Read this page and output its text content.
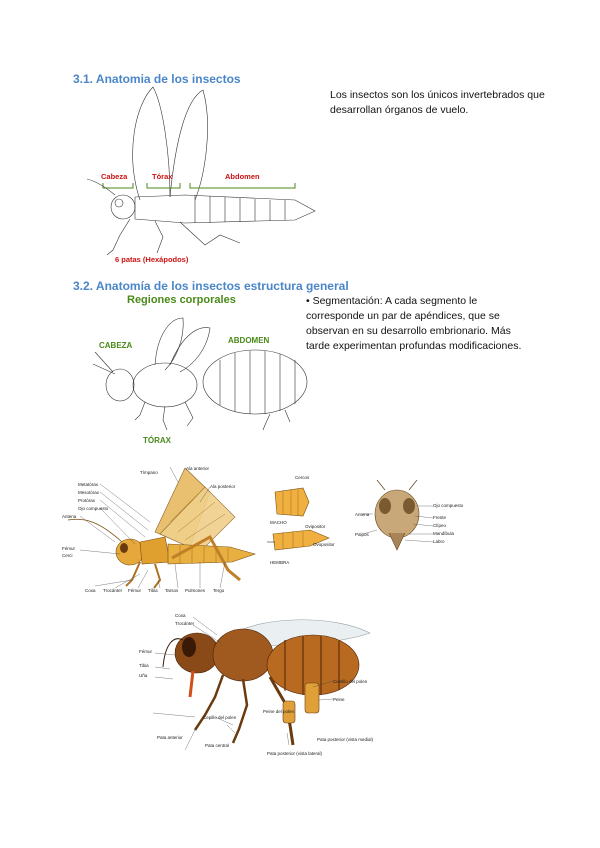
3.1. Anatomia de los insectos
Los insectos son los únicos invertebrados que desarrollan órganos de vuelo.
Cabeza	Tórax	Abdomen
6 patas (Hexápodos)
3.2. Anatomía de los insectos estructura general
• Segmentación: A cada segmento le corresponde un par de apéndices, que se observan en su desarrollo embrionario. Más tarde experimentan profundas modificaciones.
Regiones corporales
CABEZA
ABDOMEN
TÓRAX
Tímpano
Ala anterior
Ala posterior
Metatórax
Mesotórax
Protórax
Ojo compuesto
Antena
Fémur
Cerci
Coxa Trocánter Fémur Tibia Tarsos Pulmones Tergo
Cercos
MACHO
Ovipositor
HEMBRA
Ovopositor
Ojo compuesto
Frente
Clípeo
Mandíbula
Labro
Palpos
Antena
Coxa
Trocánter
Fémur
Tibia
Uña
Cestillo del polen
Peine
Pata anterior
Cepillo del polen
Pata central
Pata posterior (vista lateral)
Pata posterior (vista medial)
Peine del polen
